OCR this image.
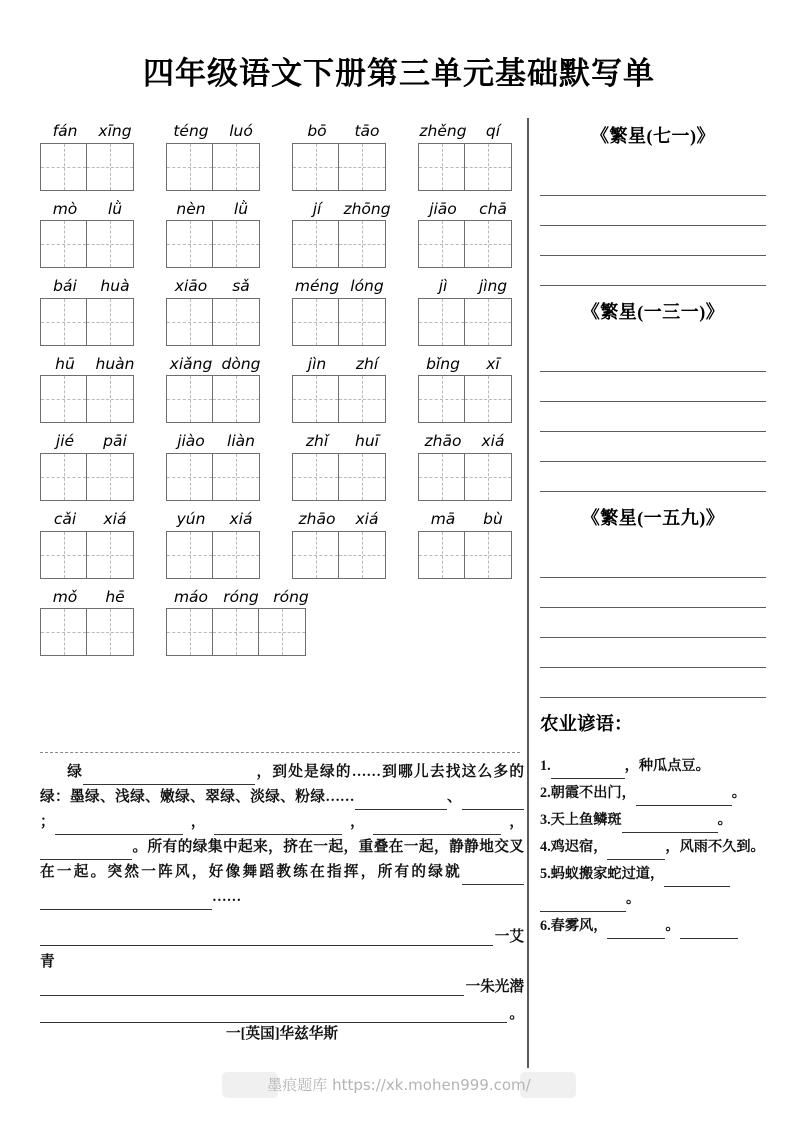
四年级语文下册第三单元基础默写单
fán	xīng	téng	luó	bō	tāo	zhěng	qí
mò	lǜ	nèn	lǜ	jí	zhōng	jiāo	chā
bái	huà	xiāo	sǎ	méng lóng	jì	jìng
hū	huàn	xiǎng dòng	jìn	zhí	bǐng	xī
jié	pāi	jiào	liàn	zhǐ	huī	zhāo	xiá
cǎi	xiá	yún	xiá	zhāo	xiá	mā	bù
mǒ	hē	máo róng róng

绿	，到处是绿的……到哪儿去找这么多的绿：墨绿、浅绿、嫩绿、翠绿、淡绿、粉绿……	、；	，	，	，。所有的绿集中起来，挤在一起，重叠在一起，静静地交叉在一起。突然一阵风，好像舞蹈教练在指挥，所有的绿就……

一艾
青
一朱光潜
。
一[英国]华兹华斯
《繁星(七一)》
《繁星(一三一)》
《繁星(一五九)》
农业谚语：
1.	，种瓜点豆。
2.朝霞不出门，	。
3.天上鱼鳞斑	。
4.鸡迟宿，	，风雨不久到。
5.蚂蚁搬家蛇过道，。
6.春雾风，	。
墨痕题库 https://xk.mohen999.com/
